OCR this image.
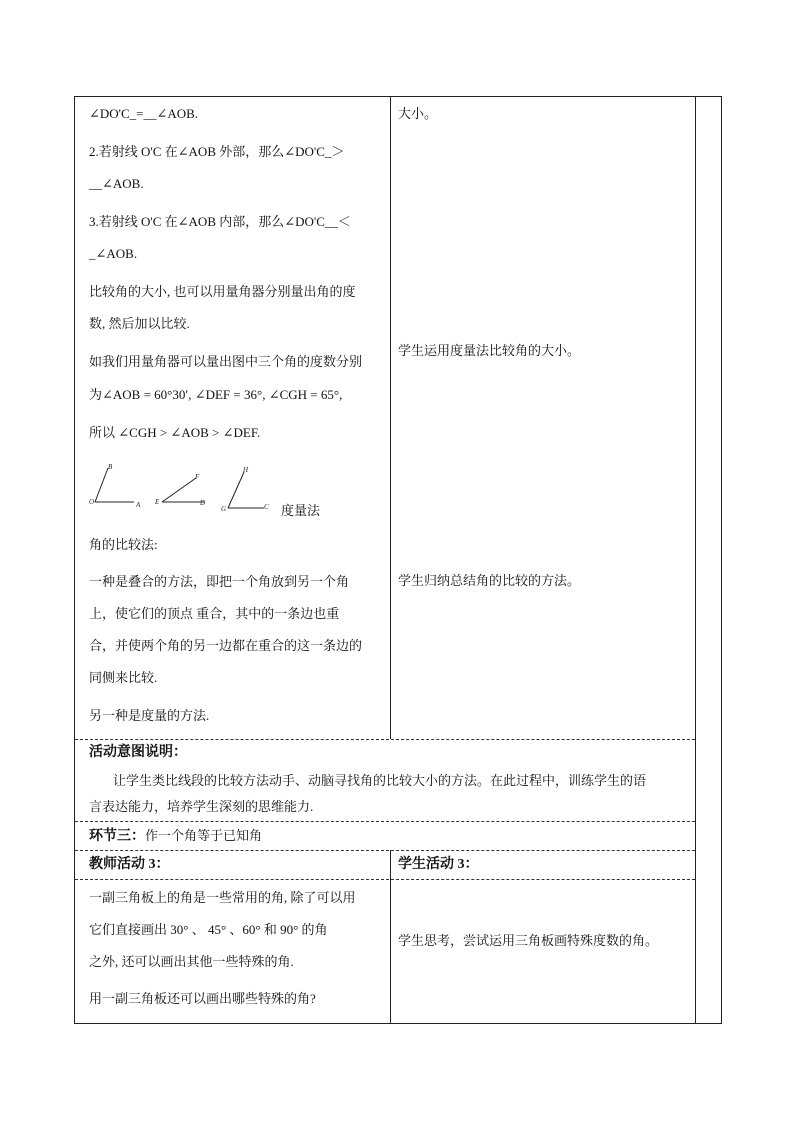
∠DO'C_=__∠AOB.
2.若射线 O'C 在∠AOB 外部，那么∠DO'C_＞
__∠AOB.
3.若射线 O'C 在∠AOB 内部，那么∠DO'C__＜
_∠AOB.
比较角的大小, 也可以用量角器分别量出角的度
数, 然后加以比较.
如我们用量角器可以量出图中三个角的度数分别
为∠AOB = 60°30′, ∠DEF = 36°, ∠CGH = 65°,
所以 ∠CGH > ∠AOB > ∠DEF.
B
O	A
F
E	D
H
G	C 度量法
角的比较法:
一种是叠合的方法，即把一个角放到另一个角
上，使它们的顶点 重合，其中的一条边也重
合，并使两个角的另一边都在重合的这一条边的
同侧来比较.
另一种是度量的方法.
大小。
学生运用度量法比较角的大小。
学生归纳总结角的比较的方法。
活动意图说明：
让学生类比线段的比较方法动手、动脑寻找角的比较大小的方法。在此过程中，训练学生的语
言表达能力，培养学生深刻的思维能力.
环节三：作一个角等于已知角
教师活动 3：	学生活动 3：
一副三角板上的角是一些常用的角, 除了可以用
它们直接画出 30° 、 45° 、60° 和 90° 的角
之外, 还可以画出其他一些特殊的角.
用一副三角板还可以画出哪些特殊的角?
学生思考，尝试运用三角板画特殊度数的角。
